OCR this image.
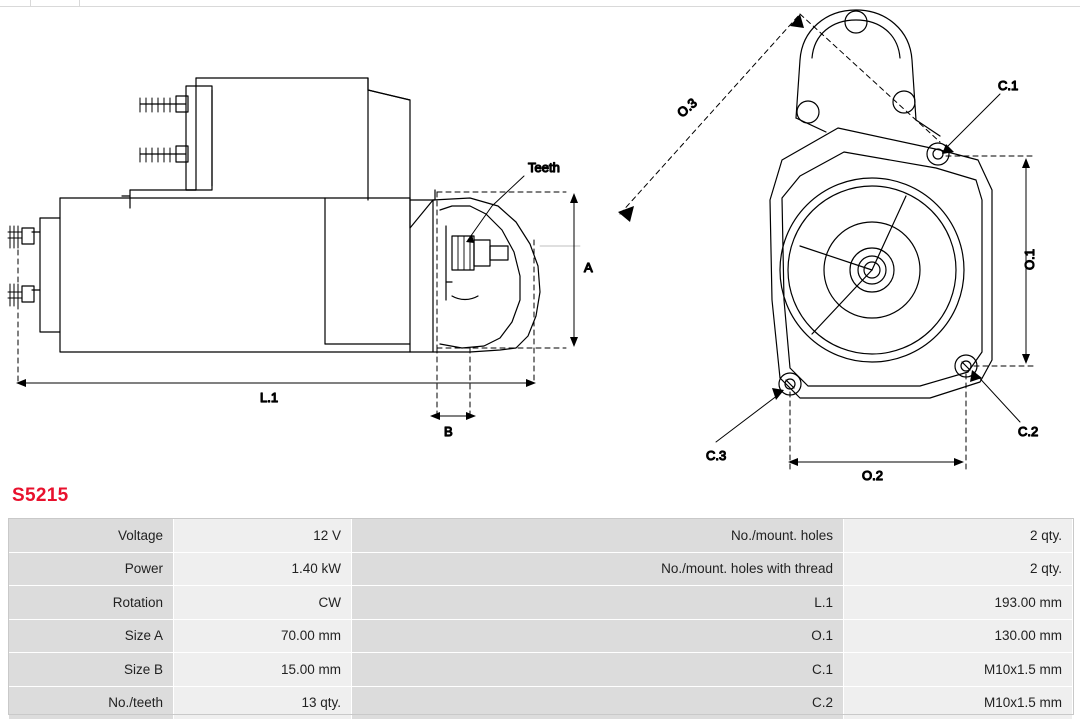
A
L.1
B
Teeth
O.3
O.1
O.2
C.1
C.2
C.3
S5215
Voltage	12 V	No./mount. holes	2 qty.
Power	1.40 kW	No./mount. holes with thread	2 qty.
Rotation	CW	L.1	193.00 mm
Size A	70.00 mm	O.1	130.00 mm
Size B	15.00 mm	C.1	M10x1.5 mm
No./teeth	13 qty.	C.2	M10x1.5 mm
